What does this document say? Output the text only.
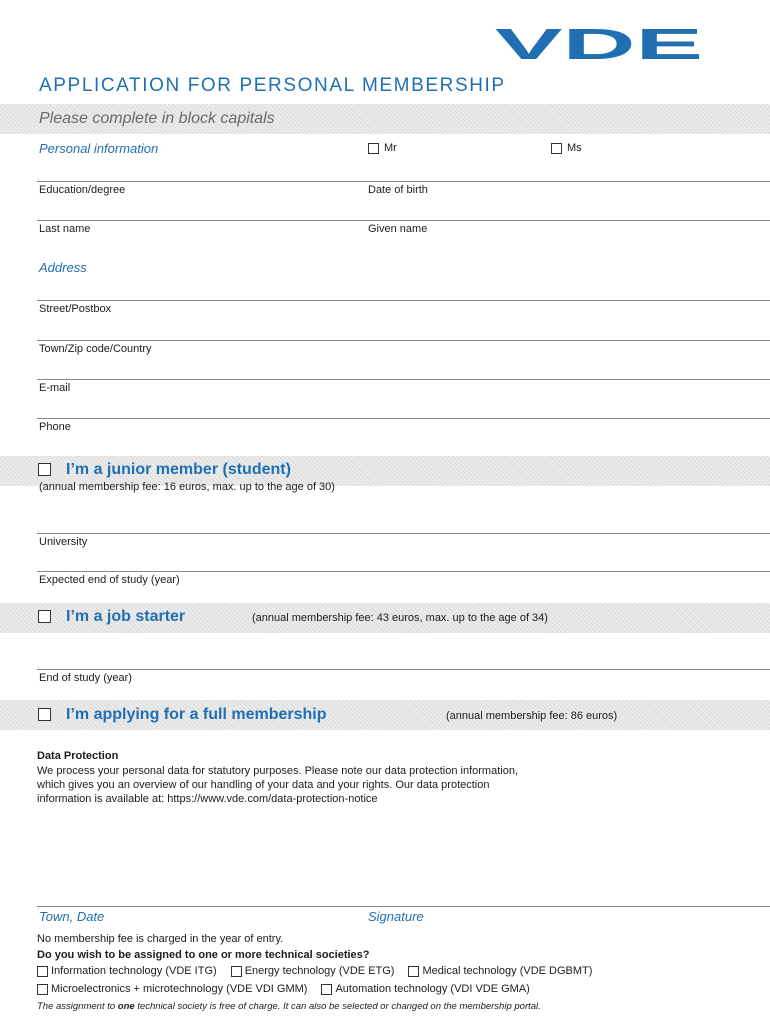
VDE
APPLICATION FOR PERSONAL MEMBERSHIP
Please complete in block capitals
Personal information	Mr	Ms
Education/degree	Date of birth
Last name	Given name
Address
Street/Postbox
Town/Zip code/Country
E-mail
Phone
I’m a junior member (student)
(annual membership fee: 16 euros, max. up to the age of 30)
University
Expected end of study (year)
I’m a job starter	(annual membership fee: 43 euros, max. up to the age of 34)
End of study (year)
I’m applying for a full membership	(annual membership fee: 86 euros)
Data Protection
We process your personal data for statutory purposes. Please note our data protection information,
which gives you an overview of our handling of your data and your rights. Our data protection
information is available at: https://www.vde.com/data-protection-notice
Town, Date	Signature
No membership fee is charged in the year of entry.
Do you wish to be assigned to one or more technical societies?
Information technology (VDE ITG)	Energy technology (VDE ETG)	Medical technology (VDE DGBMT)
Microelectronics + microtechnology (VDE VDI GMM)	Automation technology (VDI VDE GMA)
The assignment to one technical society is free of charge. It can also be selected or changed on the membership portal.
